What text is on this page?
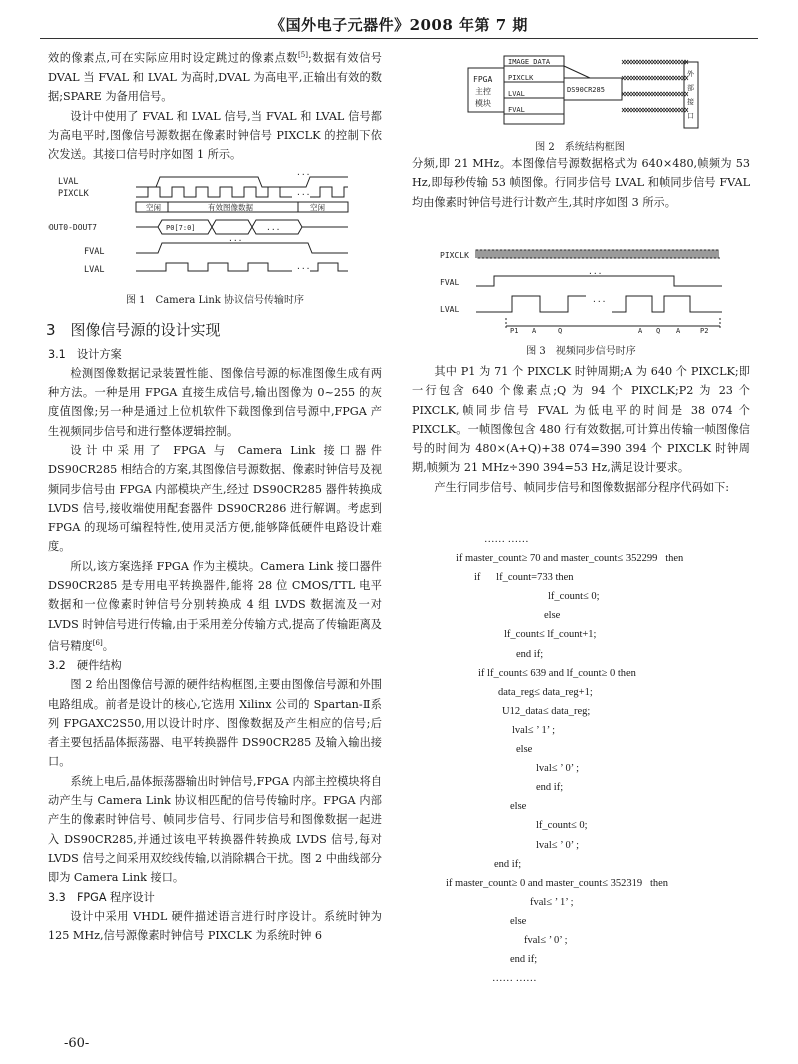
《国外电子元器件》2008 年第 7 期

效的像素点,可在实际应用时设定跳过的像素点数[5];数据有效信号 DVAL 当 FVAL 和 LVAL 为高时,DVAL 为高电平,正输出有效的数据;SPARE 为备用信号。

设计中使用了 FVAL 和 LVAL 信号,当 FVAL 和 LVAL 信号都为高电平时,图像信号源数据在像素时钟信号 PIXCLK 的控制下依次发送。其接口信号时序如图 1 所示。

LVAL
PIXCLK
空闲	有效图像数据	空闲
DOUT0-DOUT7	P0[7:0]	...
...
...
...
...
FVAL
LVAL
图 1　Camera Link 协议信号传输时序
3　图像信号源的设计实现
3.1　设计方案

检测图像数据记录装置性能、图像信号源的标准图像生成有两种方法。一种是用 FPGA 直接生成信号,输出图像为 0~255 的灰度值图像;另一种是通过上位机软件下载图像到信号源中,FPGA 产生视频同步信号和进行整体逻辑控制。

设计中采用了 FPGA 与 Camera Link 接口器件 DS90CR285 相结合的方案,其图像信号源数据、像素时钟信号及视频同步信号由 FPGA 内部模块产生,经过 DS90CR285 器件转换成 LVDS 信号,接收端使用配套器件 DS90CR286 进行解调。考虑到 FPGA 的现场可编程特性,使用灵活方便,能够降低硬件电路设计难度。

所以,该方案选择 FPGA 作为主模块。Camera Link 接口器件 DS90CR285 是专用电平转换器件,能将 28 位 CMOS/TTL 电平数据和一位像素时钟信号分别转换成 4 组 LVDS 数据流及一对 LVDS 时钟信号进行传输,由于采用差分传输方式,提高了传输距离及信号精度[6]。

3.2　硬件结构

图 2 给出图像信号源的硬件结构框图,主要由图像信号源和外围电路组成。前者是设计的核心,它选用 Xilinx 公司的 Spartan-Ⅱ系列 FPGAXC2S50,用以设计时序、图像数据及产生相应的信号;后者主要包括晶体振荡器、电平转换器件 DS90CR285 及输入输出接口。

系统上电后,晶体振荡器输出时钟信号,FPGA 内部主控模块将自动产生与 Camera Link 协议相匹配的信号传输时序。FPGA 内部产生的像素时钟信号、帧同步信号、行同步信号和图像数据一起进入 DS90CR285,并通过该电平转换器件转换成 LVDS 信号,每对 LVDS 信号之间采用双绞线传输,以消除耦合干扰。图 2 中曲线部分即为 Camera Link 接口。

3.3　FPGA 程序设计

设计中采用 VHDL 硬件描述语言进行时序设计。系统时钟为 125 MHz,信号源像素时钟信号 PIXCLK 为系统时钟 6

FPGA
主控
模块
IMAGE DATA
PIXCLK
LVAL
FVAL
DS90CR285
外
部
接
口
图 2　系统结构框图

分频,即 21 MHz。本图像信号源数据格式为 640×480,帧频为 53 Hz,即每秒传输 53 帧图像。行同步信号 LVAL 和帧同步信号 FVAL 均由像素时钟信号进行计数产生,其时序如图 3 所示。

PIXCLK
FVAL
LVAL
...
...
P1 A	Q	A Q A	P2
图 3　视频同步信号时序

其中 P1 为 71 个 PIXCLK 时钟周期;A 为 640 个 PIXCLK;即一行包含 640 个像素点;Q 为 94 个 PIXCLK;P2 为 23 个 PIXCLK,帧同步信号 FVAL 为低电平的时间是 38 074 个 PIXCLK。一帧图像包含 480 行有效数据,可计算出传输一帧图像信号的时间为 480×(A+Q)+38 074=390 394 个 PIXCLK 时钟周期,帧频为 21 MHz÷390 394=53 Hz,满足设计要求。

产生行同步信号、帧同步信号和图像数据部分程序代码如下:

…… ……
if master_count≥ 70 and master_count≤ 352299   then
if      lf_count=733 then
lf_count≤ 0;
else
lf_count≤ lf_count+1;
end if;
if lf_count≤ 639 and lf_count≥ 0 then
data_reg≤ data_reg+1;
U12_data≤ data_reg;
lval≤ ’ 1’ ;
else
lval≤ ’ 0’ ;
end if;
else
lf_count≤ 0;
lval≤ ’ 0’ ;
end if;
if master_count≥ 0 and master_count≤ 352319   then
fval≤ ’ 1’ ;
else
fval≤ ’ 0’ ;
end if;
…… ……
-60-
